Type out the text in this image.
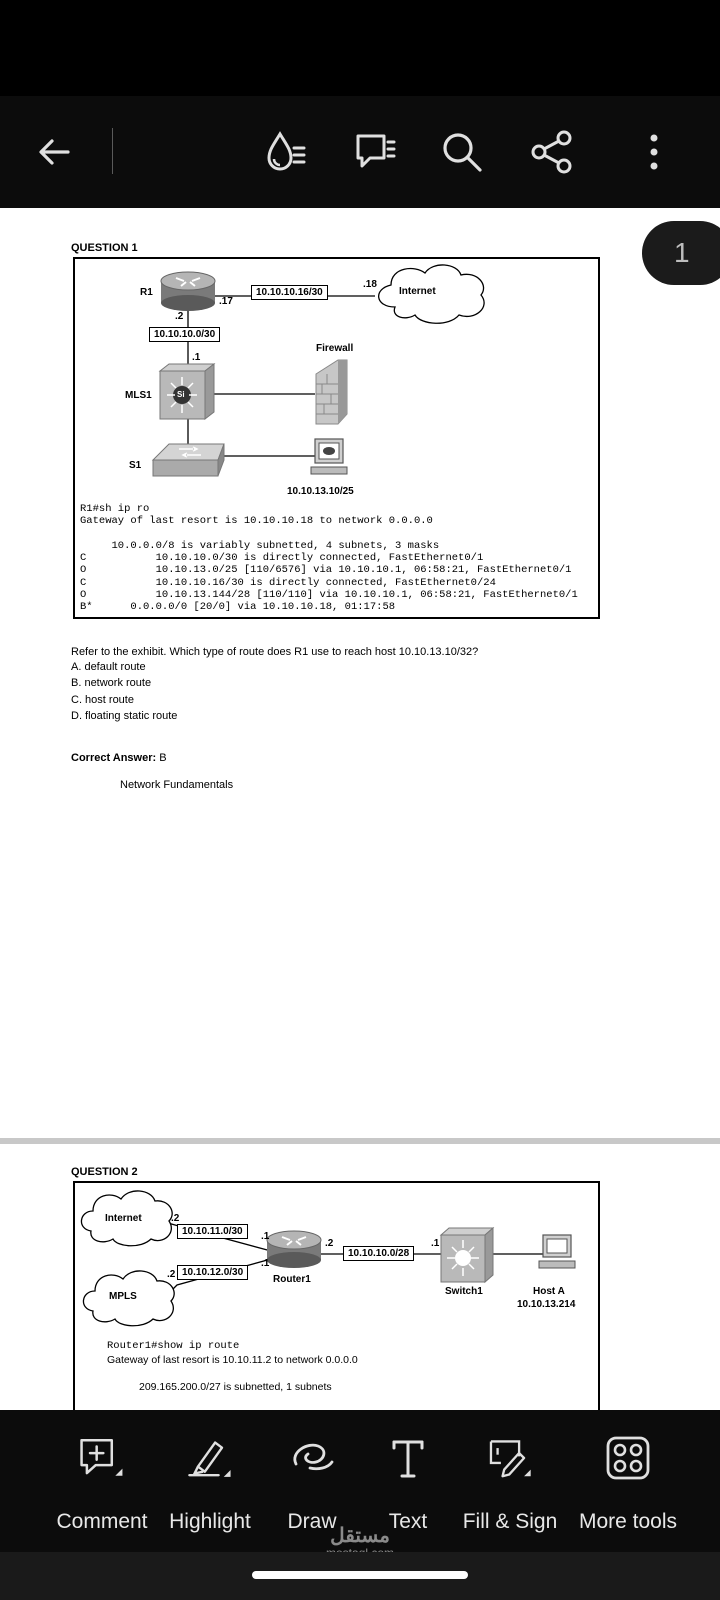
QUESTION 1
R1
.2
.17
10.10.10.16/30
.18
Internet
10.10.10.0/30
.1
Firewall
MLS1	Si
S1
10.10.13.10/25
R1#sh ip ro
Gateway of last resort is 10.10.10.18 to network 0.0.0.0
10.0.0.0/8 is variably subnetted, 4 subnets, 3 masks
C           10.10.10.0/30 is directly connected, FastEthernet0/1
O           10.10.13.0/25 [110/6576] via 10.10.10.1, 06:58:21, FastEthernet0/1
C           10.10.10.16/30 is directly connected, FastEthernet0/24
O           10.10.13.144/28 [110/110] via 10.10.10.1, 06:58:21, FastEthernet0/1
B*      0.0.0.0/0 [20/0] via 10.10.10.18, 01:17:58
Refer to the exhibit. Which type of route does R1 use to reach host 10.10.13.10/32?
A. default route
B. network route
C. host route
D. floating static route
Correct Answer: B
Network Fundamentals
QUESTION 2
Internet	.2
10.10.11.0/30	.1
.2 10.10.12.0/30
.1
MPLS
Router1
.2
10.10.10.0/28
.1
Switch1	Host A
10.10.13.214
Router1#show ip route
Gateway of last resort is 10.10.11.2 to network 0.0.0.0
209.165.200.0/27 is subnetted, 1 subnets
1
Comment Highlight Draw Text Fill & Sign More tools
مستقل
